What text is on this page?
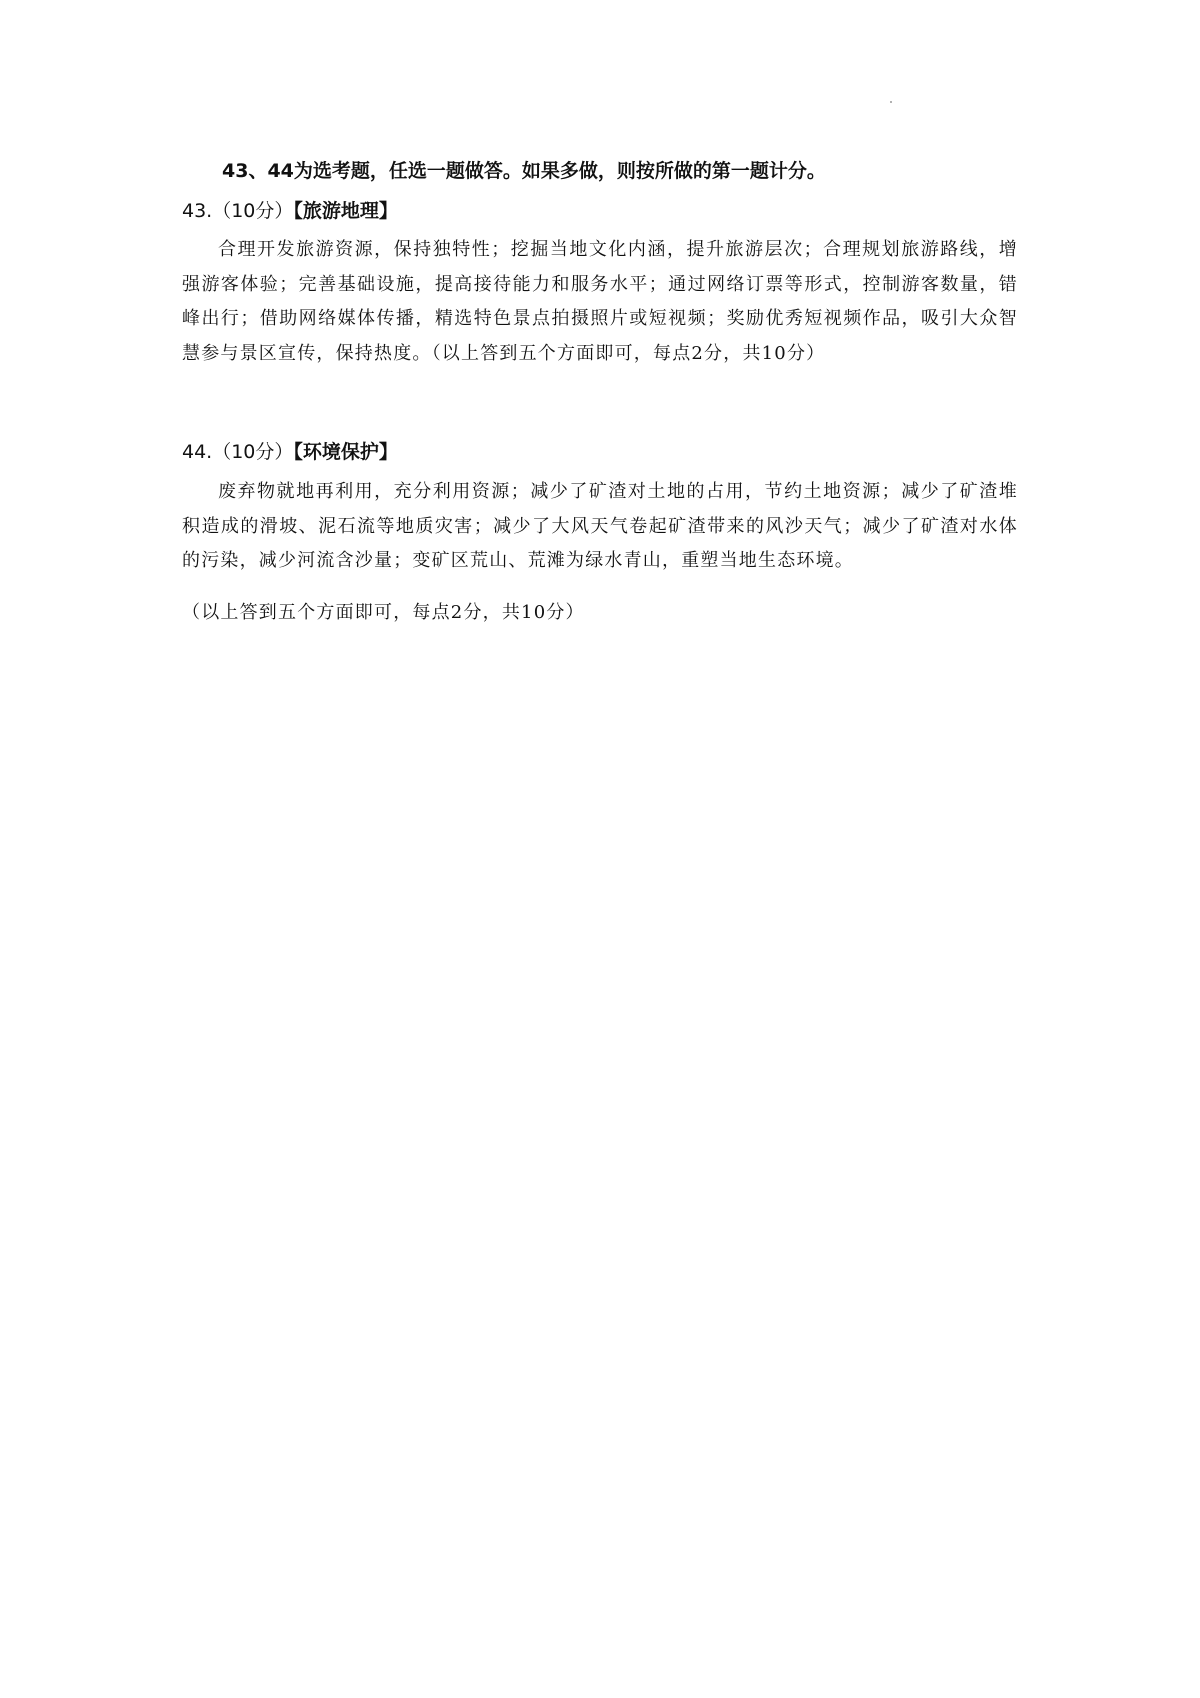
43、44为选考题，任选一题做答。如果多做，则按所做的第一题计分。
43.（10分）【旅游地理】

合理开发旅游资源，保持独特性；挖掘当地文化内涵，提升旅游层次；合理规划旅游路线，增强游客体验；完善基础设施，提高接待能力和服务水平；通过网络订票等形式，控制游客数量，错峰出行；借助网络媒体传播，精选特色景点拍摄照片或短视频；奖励优秀短视频作品，吸引大众智慧参与景区宣传，保持热度。（以上答到五个方面即可，每点2分，共10分）

44.（10分）【环境保护】

废弃物就地再利用，充分利用资源；减少了矿渣对土地的占用，节约土地资源；减少了矿渣堆积造成的滑坡、泥石流等地质灾害；减少了大风天气卷起矿渣带来的风沙天气；减少了矿渣对水体的污染，减少河流含沙量；变矿区荒山、荒滩为绿水青山，重塑当地生态环境。

（以上答到五个方面即可，每点2分，共10分）
